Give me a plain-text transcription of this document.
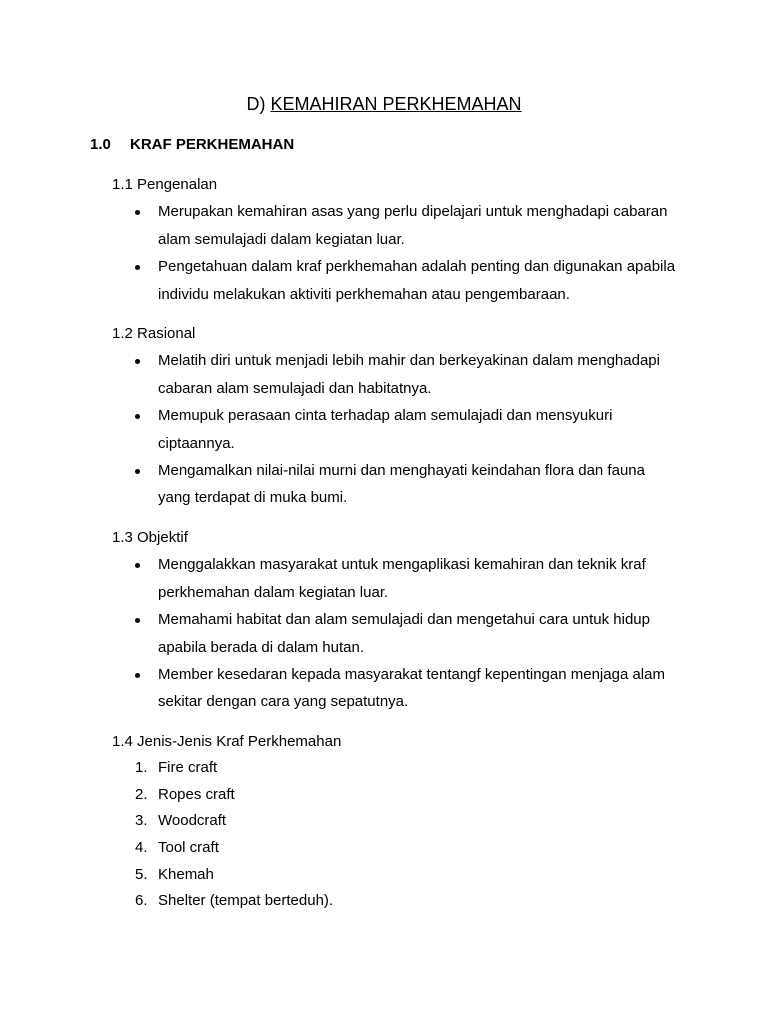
D) KEMAHIRAN PERKHEMAHAN
1.0	KRAF PERKHEMAHAN
1.1 Pengenalan
Merupakan kemahiran asas yang perlu dipelajari untuk menghadapi cabaran
alam semulajadi dalam kegiatan luar.
Pengetahuan dalam kraf perkhemahan adalah penting dan digunakan apabila
individu melakukan aktiviti perkhemahan atau pengembaraan.
1.2 Rasional
Melatih diri untuk menjadi lebih mahir dan berkeyakinan dalam menghadapi
cabaran alam semulajadi dan habitatnya.
Memupuk perasaan cinta terhadap alam semulajadi dan mensyukuri
ciptaannya.
Mengamalkan nilai-nilai murni dan menghayati keindahan flora dan fauna
yang terdapat di muka bumi.
1.3 Objektif
Menggalakkan masyarakat untuk mengaplikasi kemahiran dan teknik kraf
perkhemahan dalam kegiatan luar.
Memahami habitat dan alam semulajadi dan mengetahui cara untuk hidup
apabila berada di dalam hutan.
Member kesedaran kepada masyarakat tentangf kepentingan menjaga alam
sekitar dengan cara yang sepatutnya.
1.4 Jenis-Jenis Kraf Perkhemahan
1. Fire craft
2. Ropes craft
3. Woodcraft
4. Tool craft
5. Khemah
6. Shelter (tempat berteduh).
